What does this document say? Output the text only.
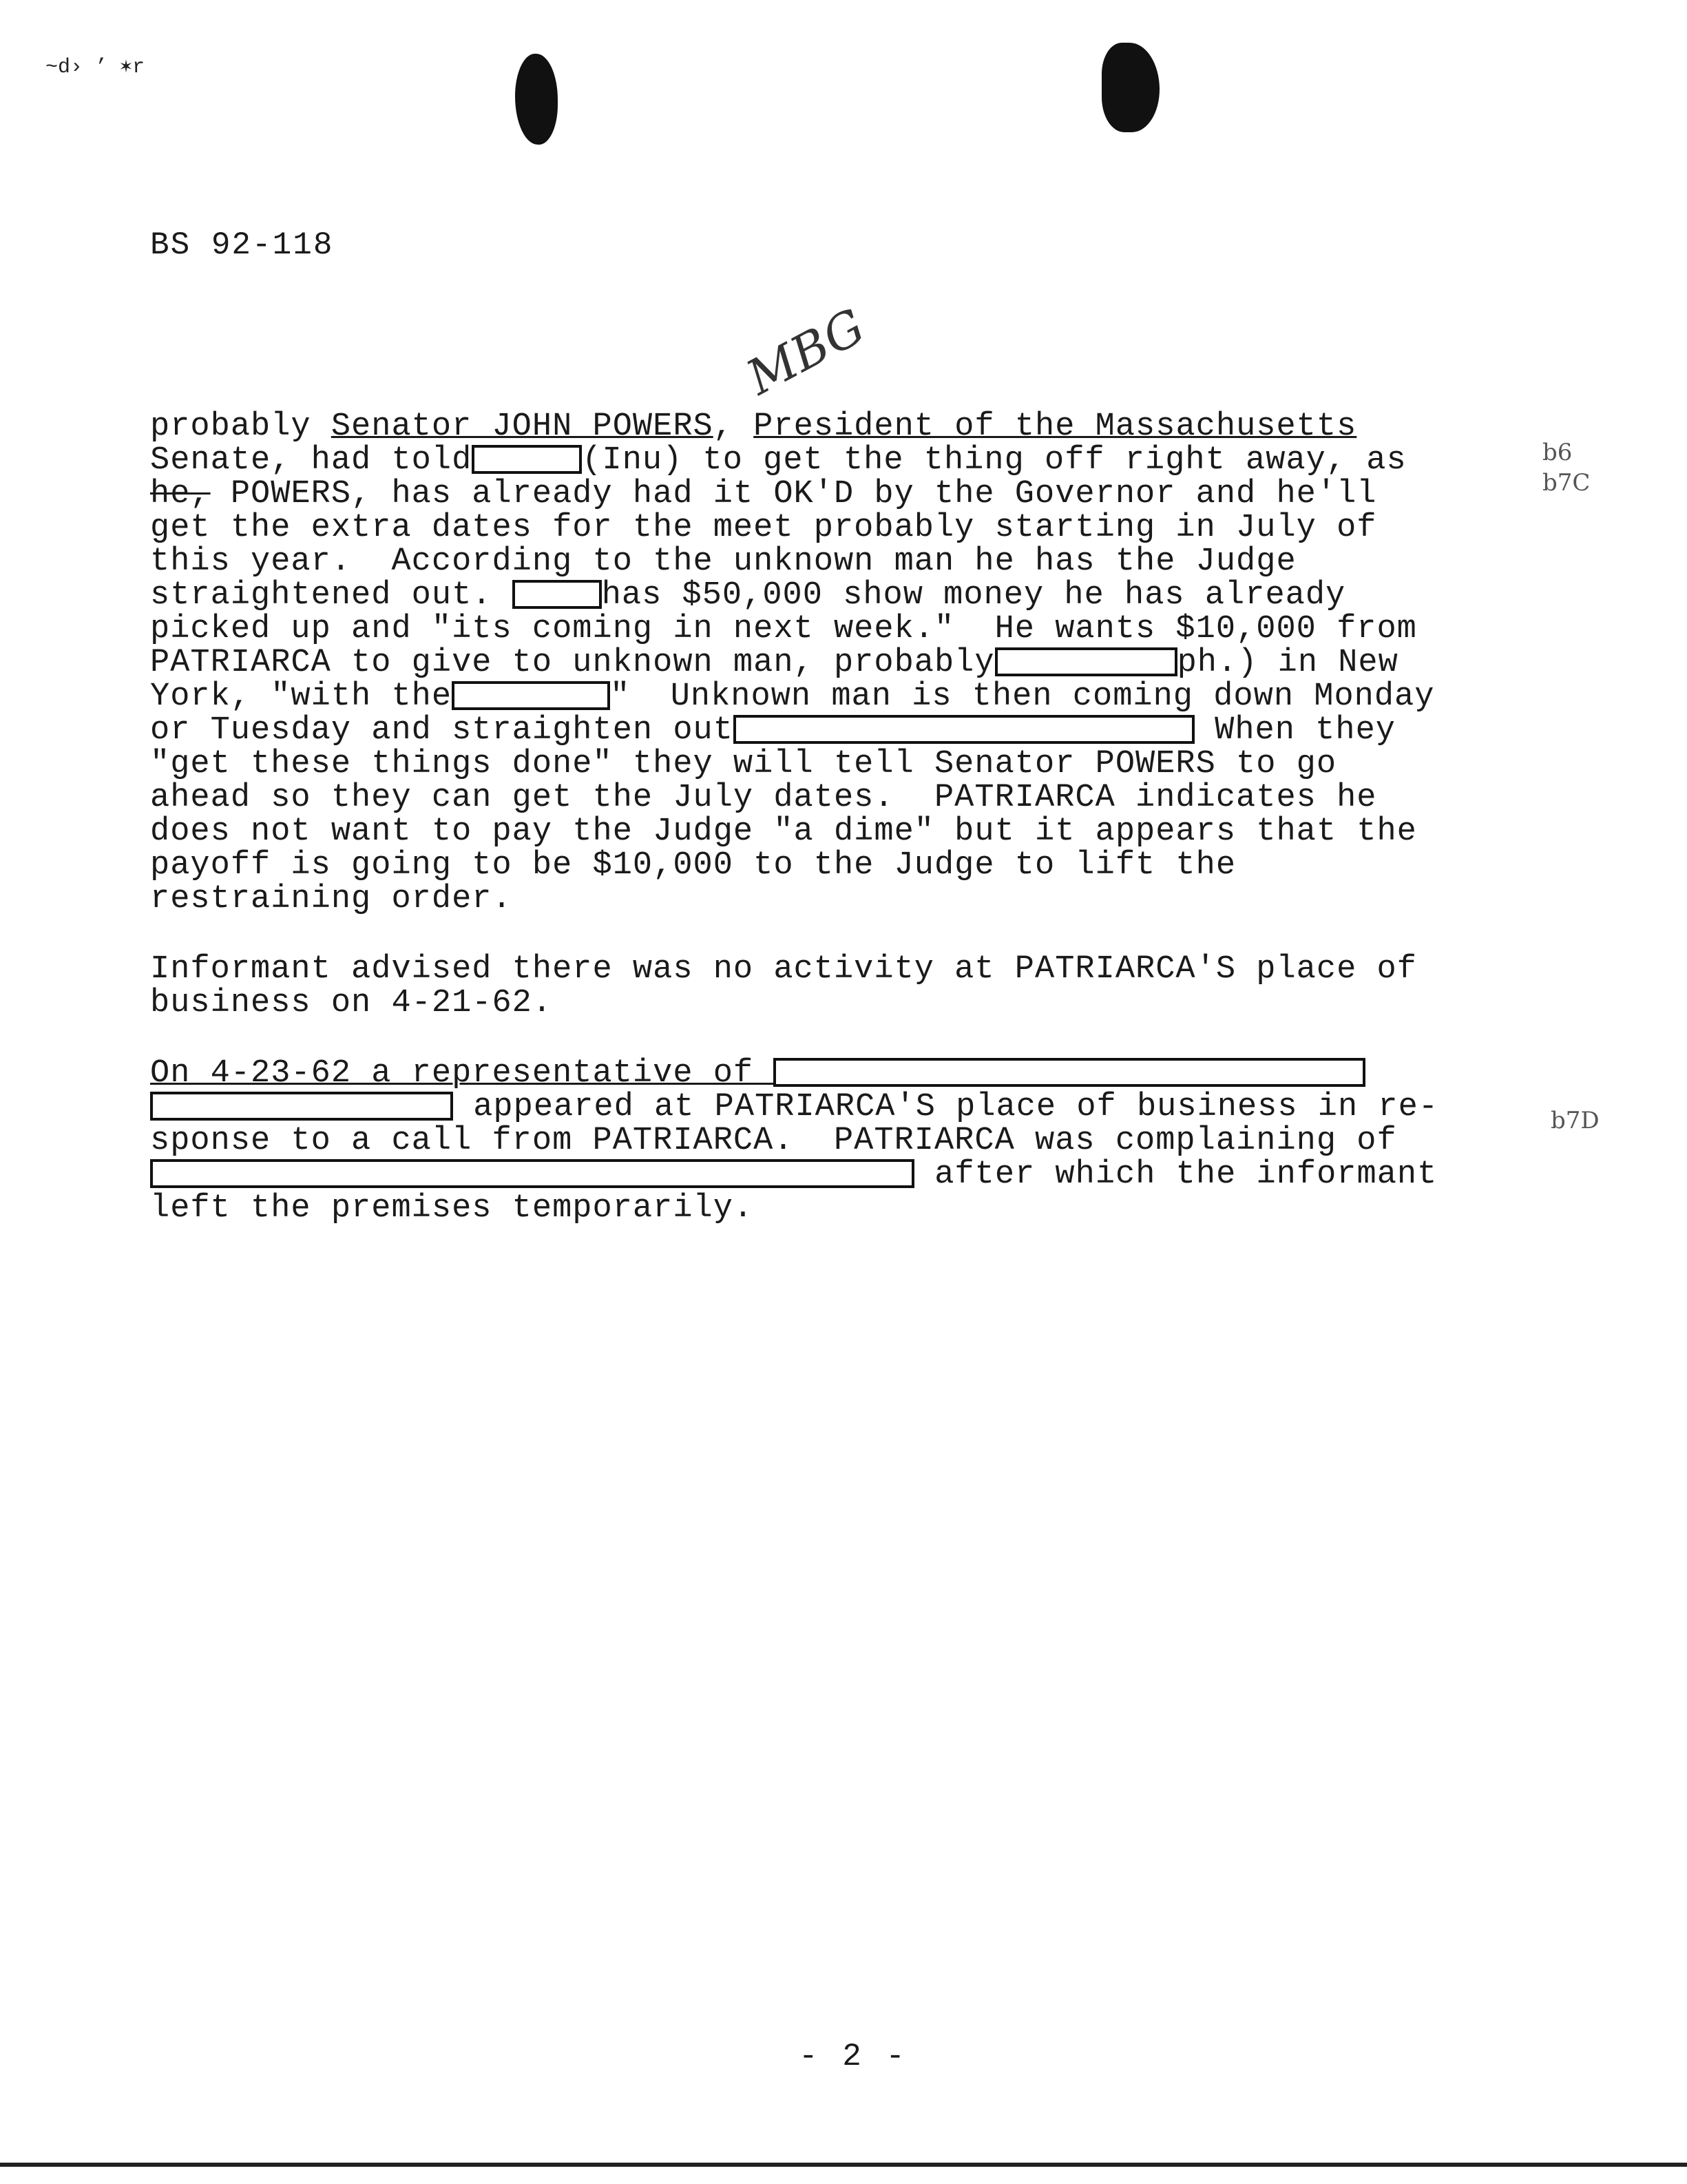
~d› ’ ✶r
MBG
BS 92-118
probably Senator JOHN POWERS, President of the Massachusetts
Senate, had told	(Inu) to get the thing off right away, as
he, POWERS, has already had it OK'D by the Governor and he'll
get the extra dates for the meet probably starting in July of
this year.  According to the unknown man he has the Judge
straightened out.	has $50,000 show money he has already
picked up and "its coming in next week."  He wants $10,000 from
PATRIARCA to give to unknown man, probably	ph.) in New
York, "with the	"  Unknown man is then coming down Monday
or Tuesday and straighten out	When they
"get these things done" they will tell Senator POWERS to go
ahead so they can get the July dates.  PATRIARCA indicates he
does not want to pay the Judge "a dime" but it appears that the
payoff is going to be $10,000 to the Judge to lift the
restraining order.
Informant advised there was no activity at PATRIARCA'S place of
business on 4-21-62.
On 4-23-62 a representative of
appeared at PATRIARCA'S place of business in re-
sponse to a call from PATRIARCA.  PATRIARCA was complaining of
after which the informant
left the premises temporarily.
b6
b7C
b7D
- 2 -
